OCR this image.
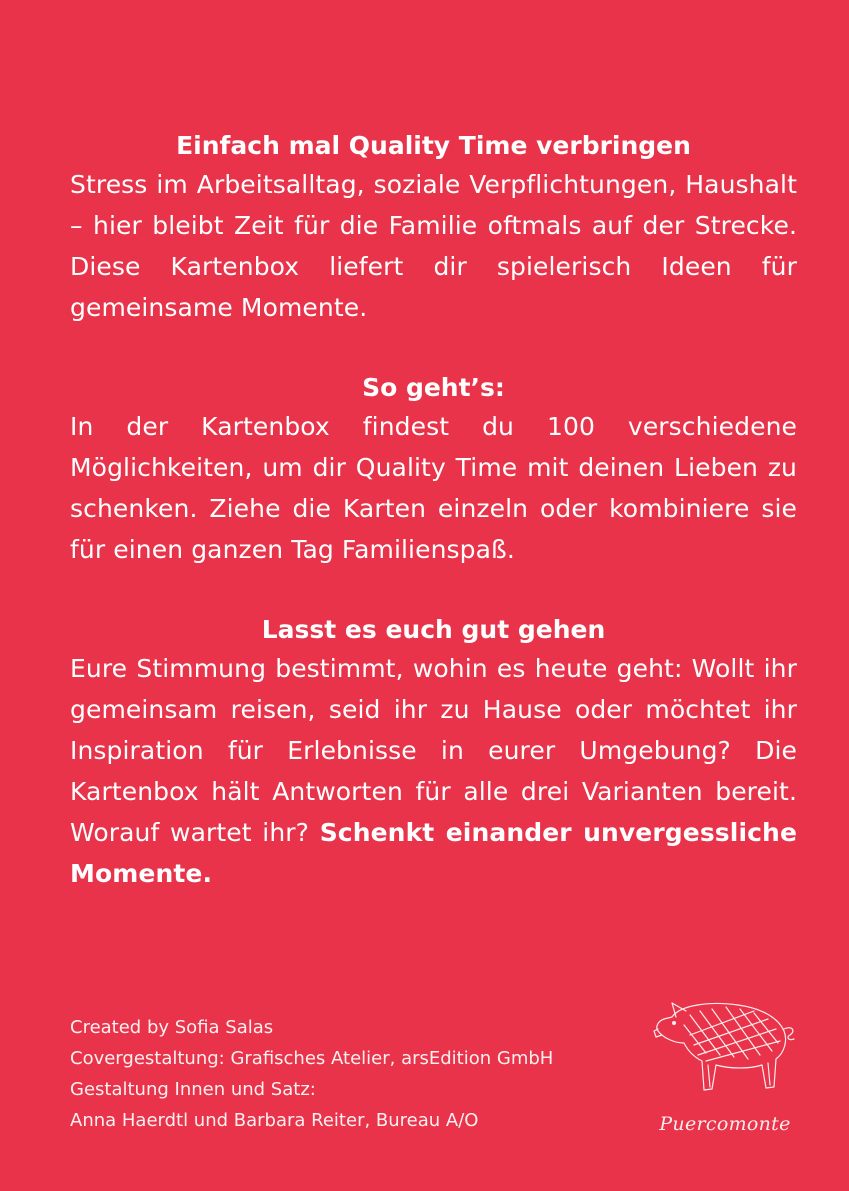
Einfach mal Quality Time verbringen

Stress im Arbeitsalltag, soziale Verpflichtungen, Haushalt – hier bleibt Zeit für die Familie oftmals auf der Strecke. Diese Kartenbox liefert dir spielerisch Ideen für gemeinsame Momente.

So geht’s:

In der Kartenbox findest du 100 verschiedene Möglichkeiten, um dir Quality Time mit deinen Lieben zu schenken. Ziehe die Karten einzeln oder kombiniere sie für einen ganzen Tag Familienspaß.

Lasst es euch gut gehen

Eure Stimmung bestimmt, wohin es heute geht: Wollt ihr gemeinsam reisen, seid ihr zu Hause oder möchtet ihr Inspiration für Erlebnisse in eurer Umgebung? Die Kartenbox hält Antworten für alle drei Varianten bereit. Worauf wartet ihr? Schenkt einander unvergessliche Momente.

Created by Sofia Salas
Covergestaltung: Grafisches Atelier, arsEdition GmbH
Gestaltung Innen und Satz:
Anna Haerdtl und Barbara Reiter, Bureau A/O	Puercomonte
